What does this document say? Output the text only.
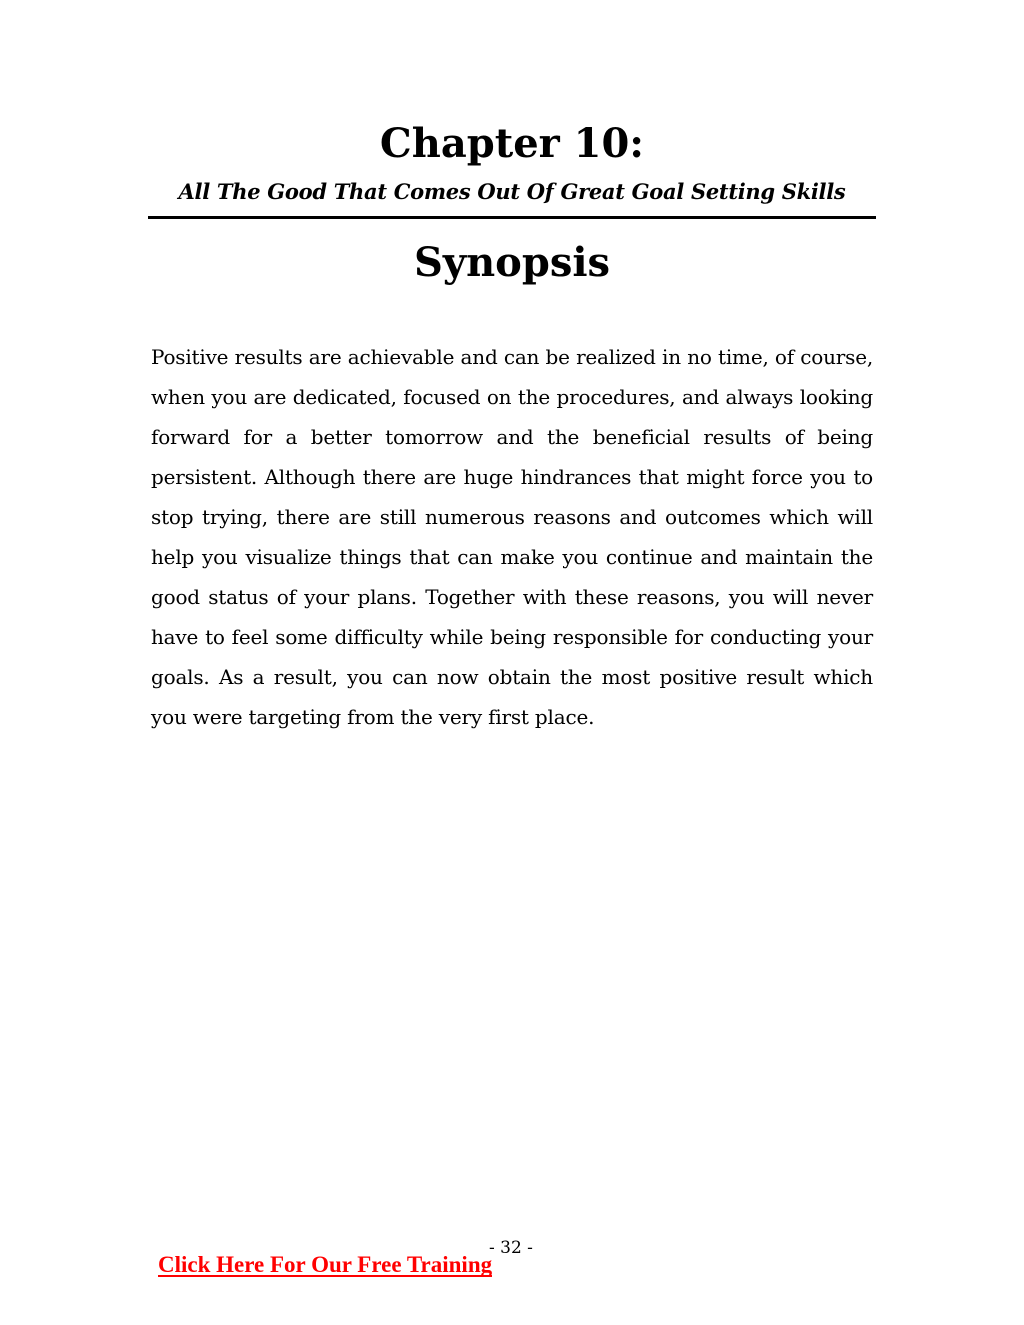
Chapter 10:
All The Good That Comes Out Of Great Goal Setting Skills
Synopsis

Positive results are achievable and can be realized in no time, of course, when you are dedicated, focused on the procedures, and always looking forward for a better tomorrow and the beneficial results of being persistent. Although there are huge hindrances that might force you to stop trying, there are still numerous reasons and outcomes which will help you visualize things that can make you continue and maintain the good status of your plans. Together with these reasons, you will never have to feel some difficulty while being responsible for conducting your goals. As a result, you can now obtain the most positive result which you were targeting from the very first place.

- 32 -
Click Here For Our Free Training
